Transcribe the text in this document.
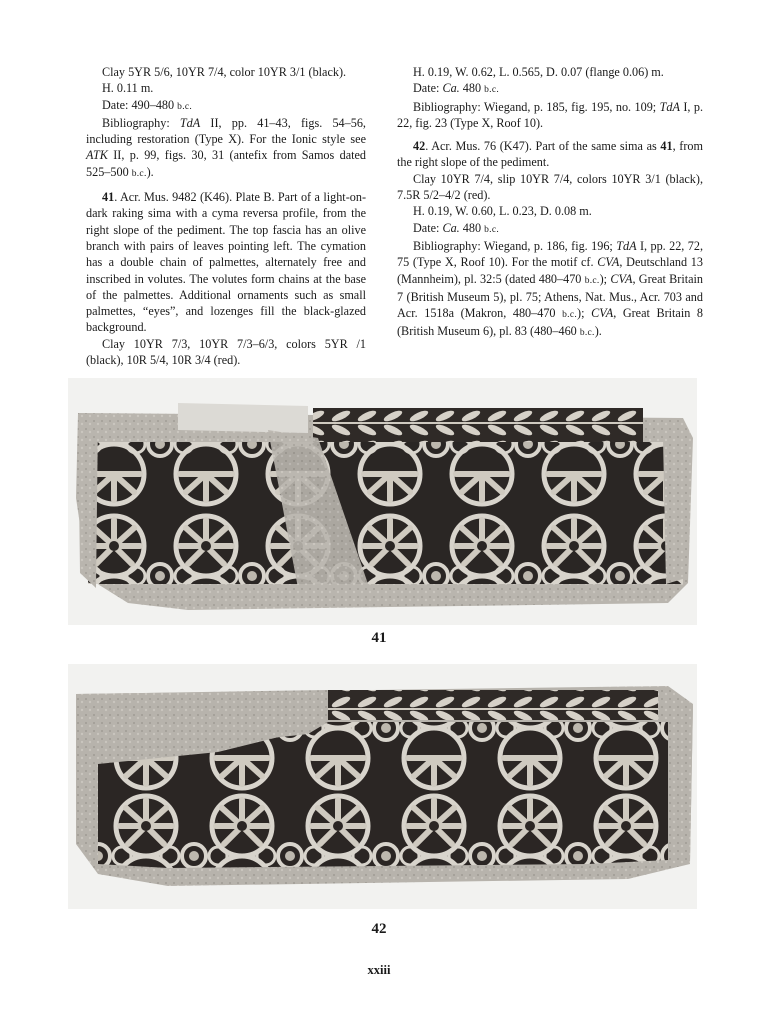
Clay 5YR 5/6, 10YR 7/4, color 10YR 3/1 (black).

H. 0.11 m.

Date: 490–480 b.c.

Bibliography: TdA II, pp. 41–43, figs. 54–56, including restoration (Type X). For the Ionic style see ATK II, p. 99, figs. 30, 31 (antefix from Samos dated 525–500 b.c.).

41. Acr. Mus. 9482 (K46). Plate B. Part of a light-on-dark raking sima with a cyma reversa profile, from the right slope of the pediment. The top fascia has an olive branch with pairs of leaves pointing left. The cymation has a double chain of palmettes, alternately free and inscribed in volutes. The volutes form chains at the base of the palmettes. Additional ornaments such as small palmettes, “eyes”, and lozenges fill the black-glazed background.

Clay 10YR 7/3, 10YR 7/3–6/3, colors 5YR /1 (black), 10R 5/4, 10R 3/4 (red).

H. 0.19, W. 0.62, L. 0.565, D. 0.07 (flange 0.06) m.

Date: Ca. 480 b.c.

Bibliography: Wiegand, p. 185, fig. 195, no. 109; TdA I, p. 22, fig. 23 (Type X, Roof 10).

42. Acr. Mus. 76 (K47). Part of the same sima as 41, from the right slope of the pediment.

Clay 10YR 7/4, slip 10YR 7/4, colors 10YR 3/1 (black), 7.5R 5/2–4/2 (red).

H. 0.19, W. 0.60, L. 0.23, D. 0.08 m.

Date: Ca. 480 b.c.

Bibliography: Wiegand, p. 186, fig. 196; TdA I, pp. 22, 72, 75 (Type X, Roof 10). For the motif cf. CVA, Deutschland 13 (Mannheim), pl. 32:5 (dated 480–470 b.c.); CVA, Great Britain 7 (British Museum 5), pl. 75; Athens, Nat. Mus., Acr. 703 and Acr. 1518a (Makron, 480–470 b.c.); CVA, Great Britain 8 (British Museum 6), pl. 83 (480–460 b.c.).

41
42
xxiii
